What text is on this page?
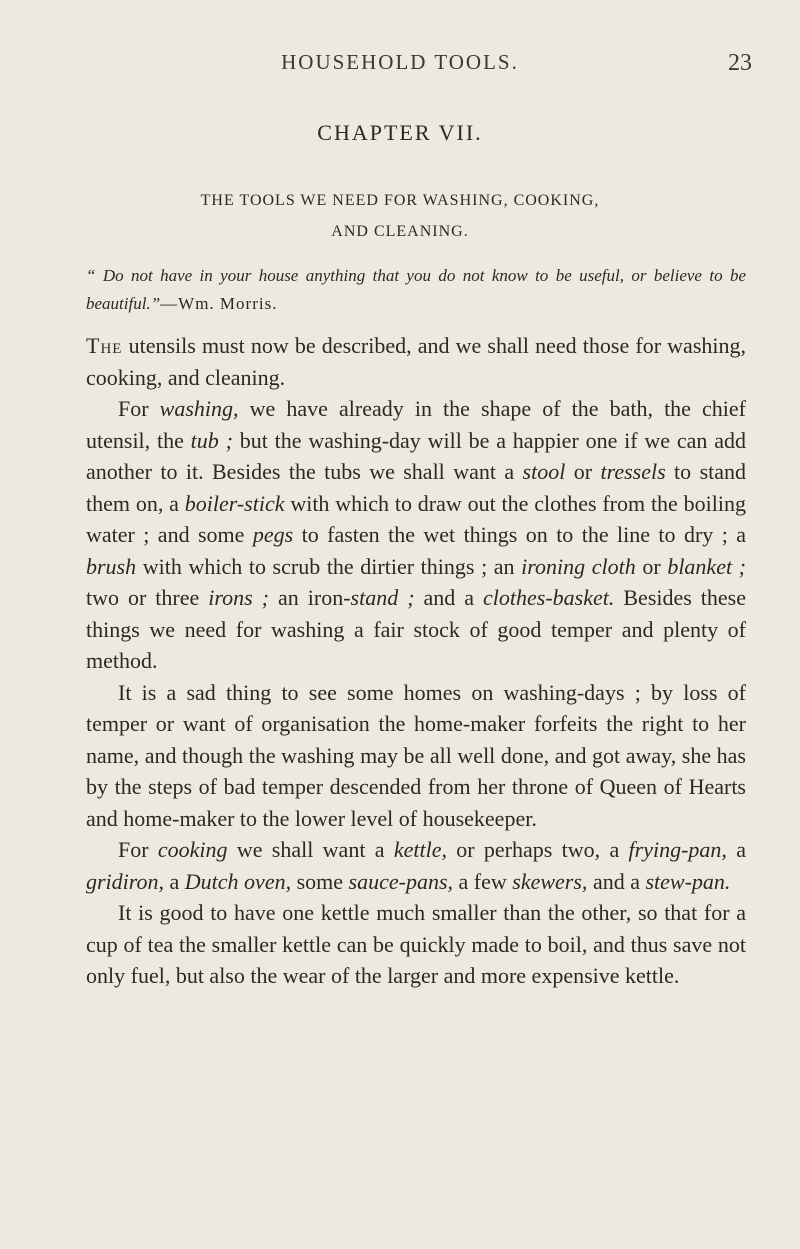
HOUSEHOLD TOOLS.	23
CHAPTER VII.
THE TOOLS WE NEED FOR WASHING, COOKING,
AND CLEANING.
“ Do not have in your house anything that you do not know to be useful, or believe to be beautiful.”—Wm. Morris.

The utensils must now be described, and we shall need those for washing, cooking, and cleaning.

For washing, we have already in the shape of the bath, the chief utensil, the tub ; but the washing-day will be a happier one if we can add another to it. Besides the tubs we shall want a stool or tressels to stand them on, a boiler-stick with which to draw out the clothes from the boiling water ; and some pegs to fasten the wet things on to the line to dry ; a brush with which to scrub the dirtier things ; an ironing cloth or blanket ; two or three irons ; an iron-stand ; and a clothes-basket. Besides these things we need for washing a fair stock of good temper and plenty of method.

It is a sad thing to see some homes on washing-days ; by loss of temper or want of organisation the home-maker forfeits the right to her name, and though the washing may be all well done, and got away, she has by the steps of bad temper descended from her throne of Queen of Hearts and home-maker to the lower level of housekeeper.

For cooking we shall want a kettle, or perhaps two, a frying-pan, a gridiron, a Dutch oven, some sauce-pans, a few skewers, and a stew-pan.

It is good to have one kettle much smaller than the other, so that for a cup of tea the smaller kettle can be quickly made to boil, and thus save not only fuel, but also the wear of the larger and more expensive kettle.
